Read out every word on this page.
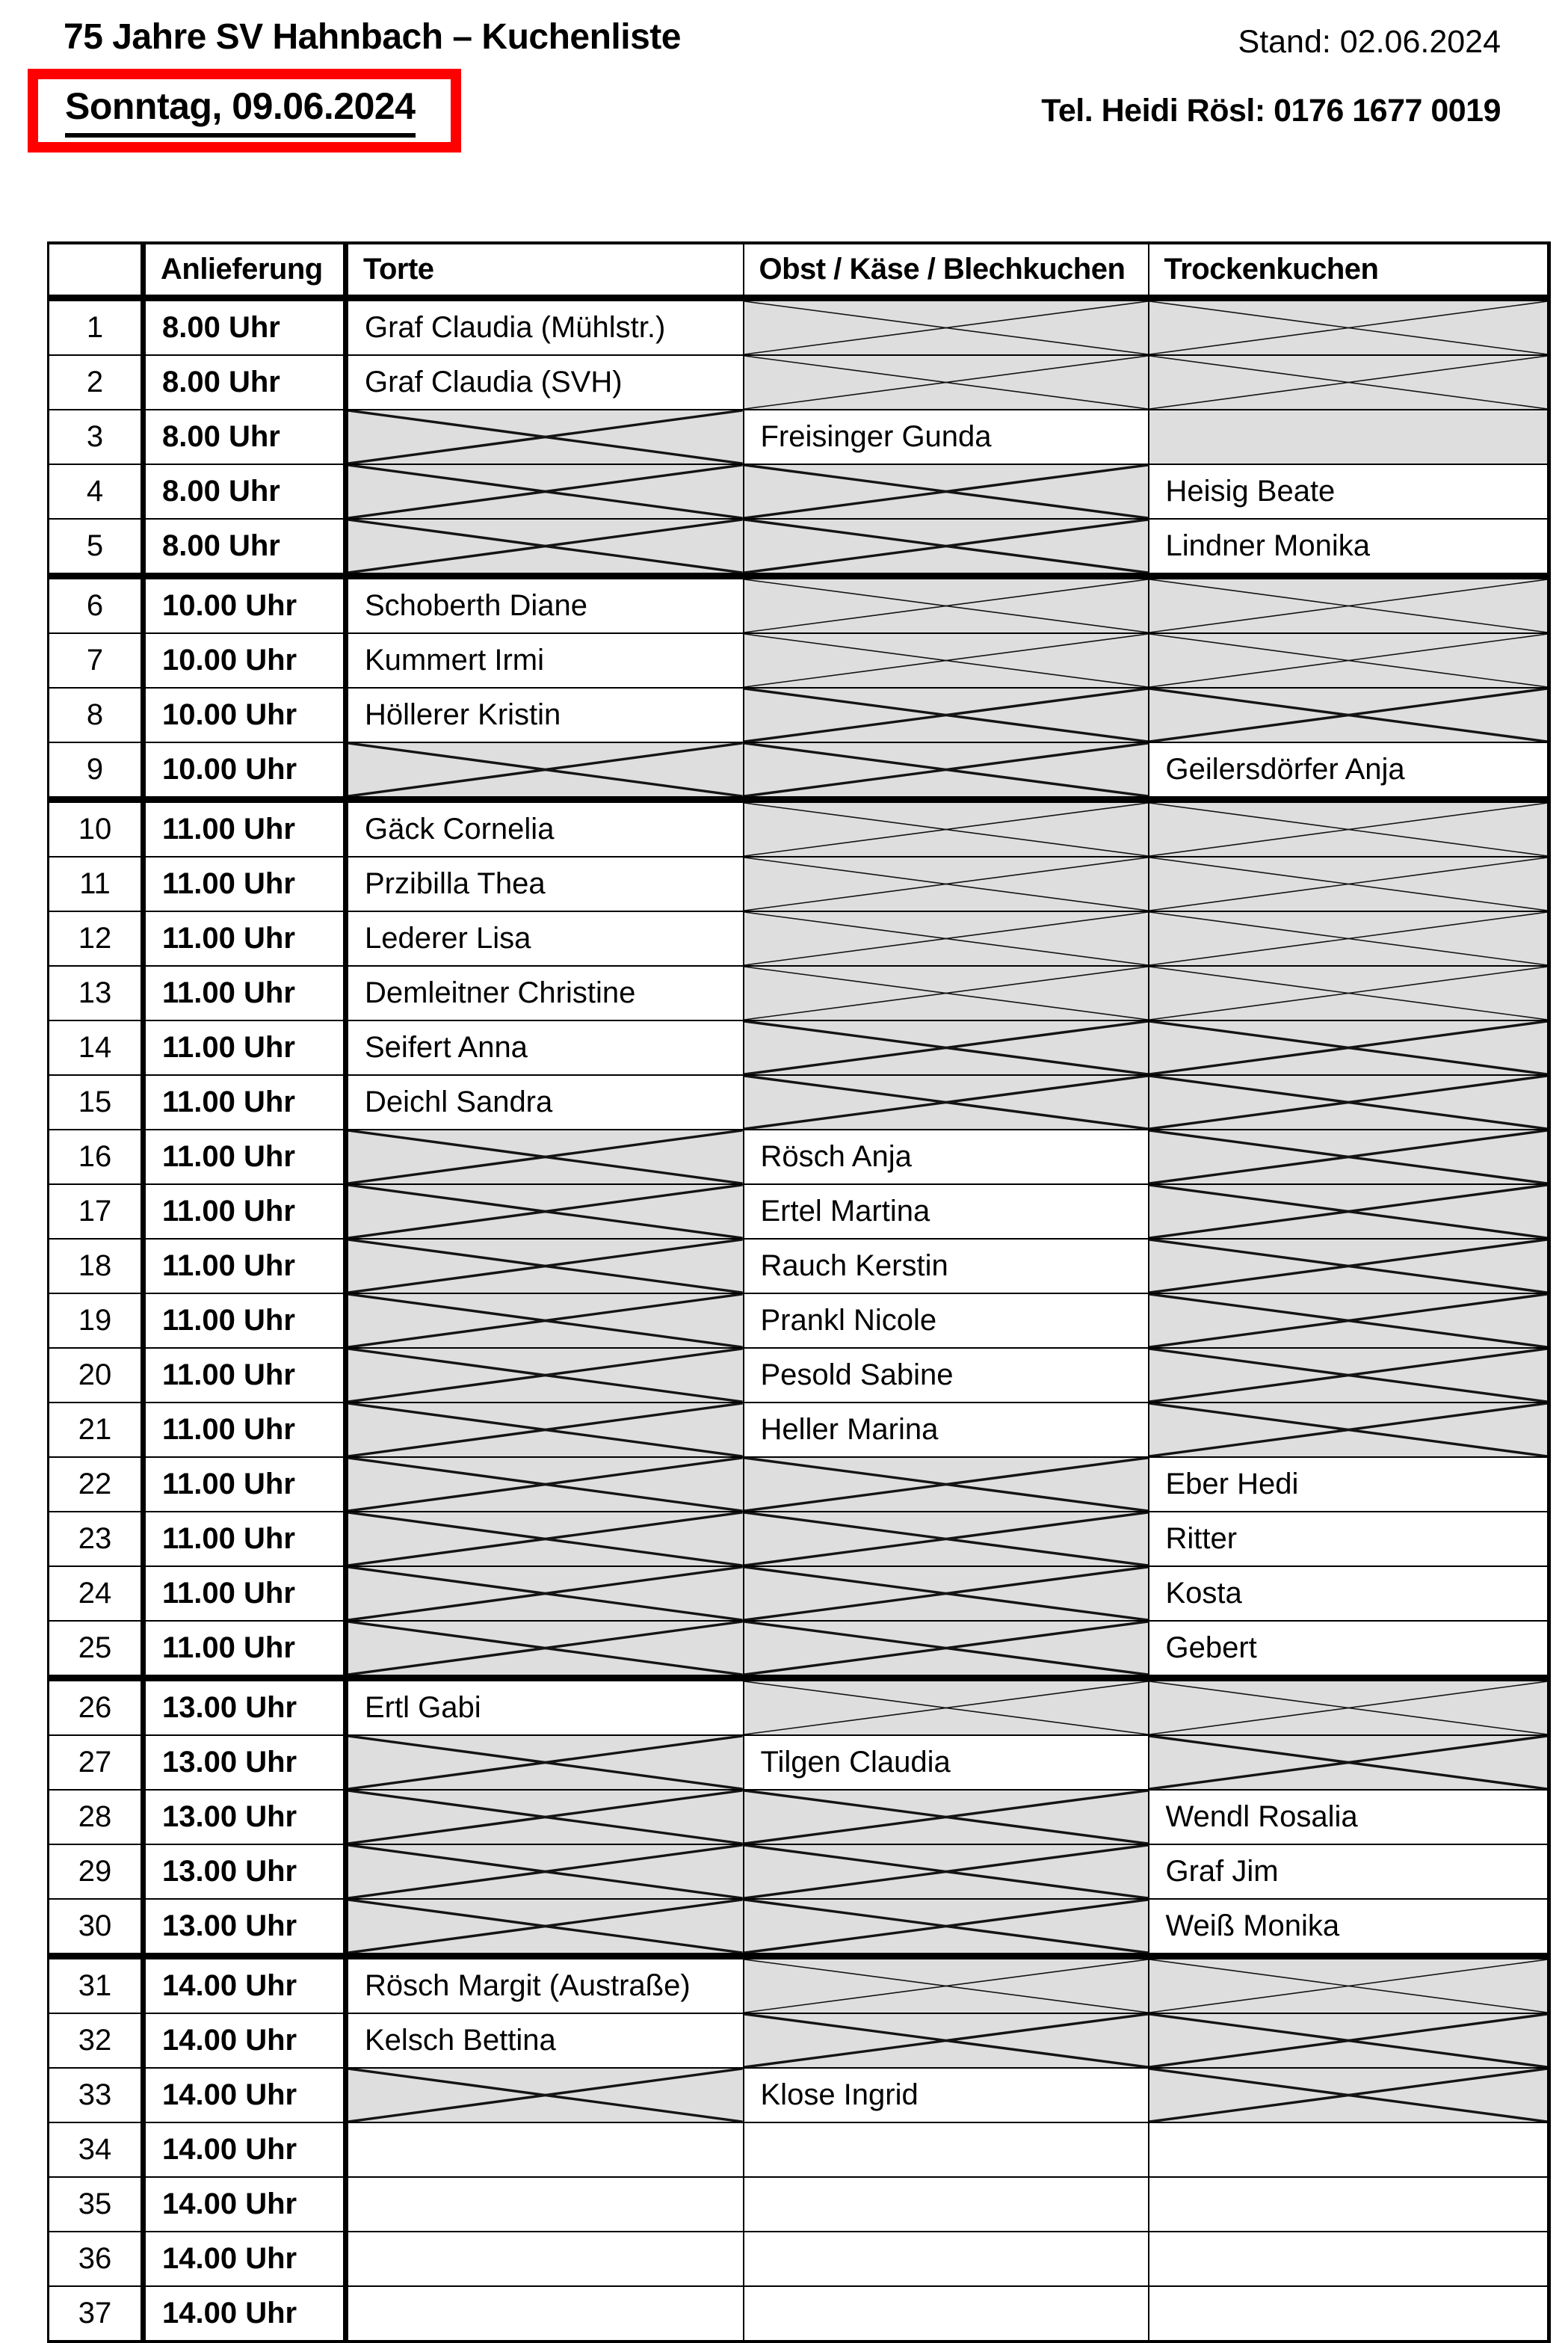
75 Jahre SV Hahnbach – Kuchenliste	Stand: 02.06.2024
Sonntag, 09.06.2024	Tel. Heidi Rösl: 0176 1677 0019
	Anlieferung	Torte	Obst / Käse / Blechkuchen	Trockenkuchen
1	8.00 Uhr	Graf Claudia (Mühlstr.)	

2	8.00 Uhr	Graf Claudia (SVH)	

3	8.00 Uhr		Freisinger Gunda	
4	8.00 Uhr			Heisig Beate
5	8.00 Uhr			Lindner Monika
6	10.00 Uhr	Schoberth Diane	

7	10.00 Uhr	Kummert Irmi	

8	10.00 Uhr	Höllerer Kristin	

9	10.00 Uhr			Geilersdörfer Anja
10	11.00 Uhr	Gäck Cornelia	

11	11.00 Uhr	Przibilla Thea	

12	11.00 Uhr	Lederer Lisa	

13	11.00 Uhr	Demleitner Christine	

14	11.00 Uhr	Seifert Anna	

15	11.00 Uhr	Deichl Sandra	

16	11.00 Uhr		Rösch Anja	

17	11.00 Uhr		Ertel Martina	

18	11.00 Uhr		Rauch Kerstin	

19	11.00 Uhr		Prankl Nicole	

20	11.00 Uhr		Pesold Sabine	

21	11.00 Uhr		Heller Marina	

22	11.00 Uhr			Eber Hedi
23	11.00 Uhr			Ritter
24	11.00 Uhr			Kosta
25	11.00 Uhr			Gebert
26	13.00 Uhr	Ertl Gabi	

27	13.00 Uhr		Tilgen Claudia	

28	13.00 Uhr			Wendl Rosalia
29	13.00 Uhr			Graf Jim
30	13.00 Uhr			Weiß Monika
31	14.00 Uhr	Rösch Margit (Austraße)	

32	14.00 Uhr	Kelsch Bettina	

33	14.00 Uhr		Klose Ingrid	

34	14.00 Uhr			
35	14.00 Uhr			
36	14.00 Uhr			
37	14.00 Uhr			
